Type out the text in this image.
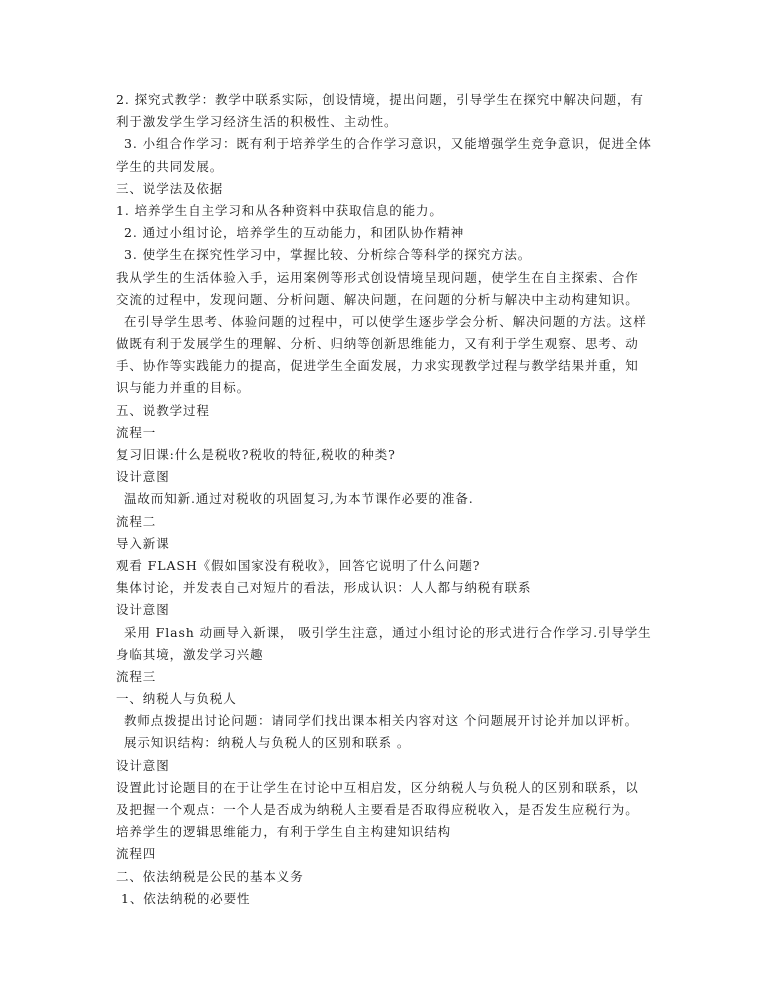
2. 探究式教学：教学中联系实际，创设情境，提出问题，引导学生在探究中解决问题，有
利于激发学生学习经济生活的积极性、主动性。
3. 小组合作学习：既有利于培养学生的合作学习意识，又能增强学生竞争意识，促进全体
学生的共同发展。
三、说学法及依据
1. 培养学生自主学习和从各种资料中获取信息的能力。
2. 通过小组讨论，培养学生的互动能力，和团队协作精神
3. 使学生在探究性学习中，掌握比较、分析综合等科学的探究方法。
我从学生的生活体验入手，运用案例等形式创设情境呈现问题，使学生在自主探索、合作
交流的过程中，发现问题、分析问题、解决问题，在问题的分析与解决中主动构建知识。
在引导学生思考、体验问题的过程中，可以使学生逐步学会分析、解决问题的方法。这样
做既有利于发展学生的理解、分析、归纳等创新思维能力，又有利于学生观察、思考、动
手、协作等实践能力的提高，促进学生全面发展，力求实现教学过程与教学结果并重，知
识与能力并重的目标。
五、说教学过程
流程一
复习旧课:什么是税收?税收的特征,税收的种类?
设计意图
温故而知新.通过对税收的巩固复习,为本节课作必要的准备.
流程二
导入新课
观看 FLASH《假如国家没有税收》，回答它说明了什么问题?
集体讨论，并发表自己对短片的看法，形成认识：人人都与纳税有联系
设计意图
采用 Flash 动画导入新课， 吸引学生注意，通过小组讨论的形式进行合作学习.引导学生
身临其境，激发学习兴趣
流程三
一、纳税人与负税人
教师点拨提出讨论问题：请同学们找出课本相关内容对这 个问题展开讨论并加以评析。
展示知识结构：纳税人与负税人的区别和联系 。
设计意图
设置此讨论题目的在于让学生在讨论中互相启发，区分纳税人与负税人的区别和联系，以
及把握一个观点：一个人是否成为纳税人主要看是否取得应税收入，是否发生应税行为。
培养学生的逻辑思维能力，有利于学生自主构建知识结构
流程四
二、依法纳税是公民的基本义务
1、依法纳税的必要性
